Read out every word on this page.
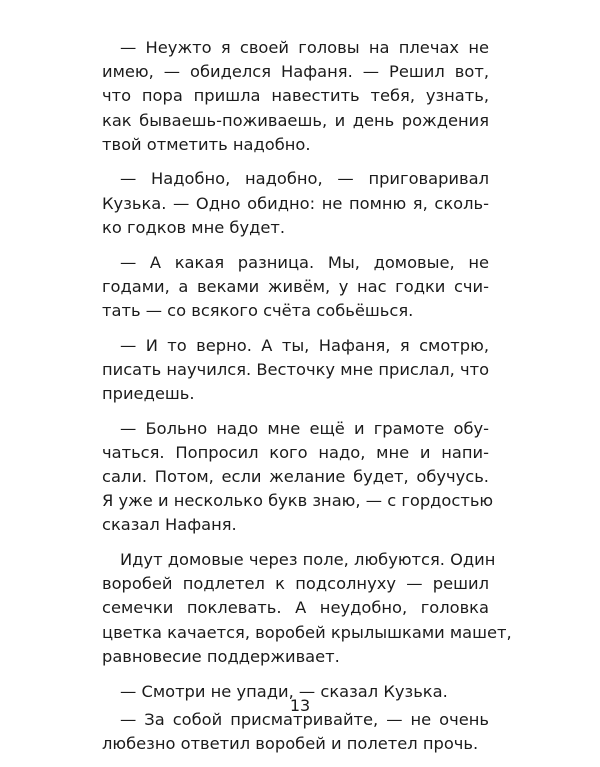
— Неужто я своей головы на плечах не
имею, — обиделся Нафаня. — Решил вот,
что пора пришла навестить тебя, узнать,
как бываешь-поживаешь, и день рождения
твой отметить надобно.

— Надобно, надобно, — приговаривал
Кузька. — Одно обидно: не помню я, сколь-
ко годков мне будет.

— А какая разница. Мы, домовые, не
годами, а веками живём, у нас годки счи-
тать — со всякого счёта собьёшься.

— И то верно. А ты, Нафаня, я смотрю,
писать научился. Весточку мне прислал, что
приедешь.

— Больно надо мне ещё и грамоте обу-
чаться. Попросил кого надо, мне и напи-
сали. Потом, если желание будет, обучусь.
Я уже и несколько букв знаю, — с гордостью
сказал Нафаня.

Идут домовые через поле, любуются. Один
воробей подлетел к подсолнуху — решил
семечки поклевать. А неудобно, головка
цветка качается, воробей крылышками машет,
равновесие поддерживает.

— Смотри не упади, — сказал Кузька.

— За собой присматривайте, — не очень
любезно ответил воробей и полетел прочь.

13
